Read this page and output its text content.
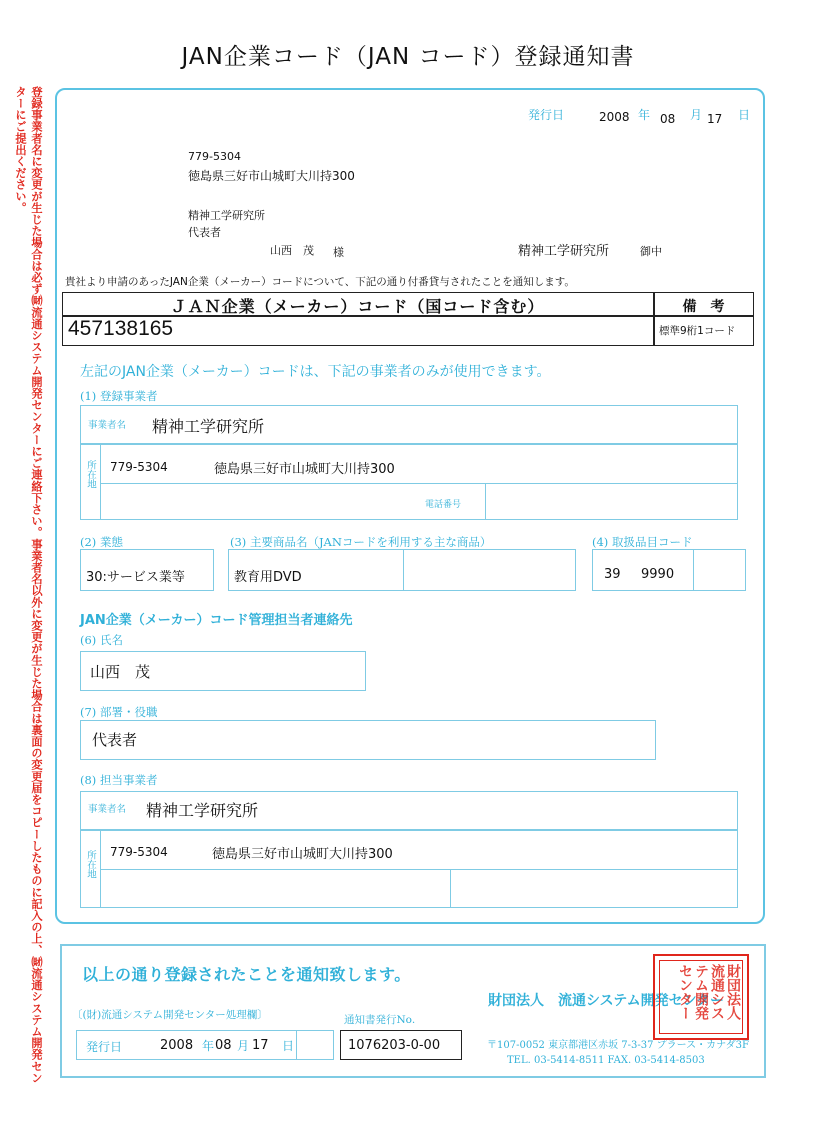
JAN企業コード（JAN コード）登録通知書
登録事業者名に変更が生じた場合は必ず㈶流通システム開発センターにご連絡下さい。事業者名以外に変更が生じた場合は裏面の変更届をコピーしたものに記入の上、㈶流通システム開発センターにご提出ください。	発行日	2008 年 08 月 17 日
779-5304
徳島県三好市山城町大川持300
精神工学研究所
代表者
山西　茂 様	精神工学研究所	御中
貴社より申請のあったJAN企業（メーカー）コードについて、下記の通り付番貸与されたことを通知します。
ＪＡＮ企業（メーカー）コード（国コード含む）	備　考
457138165	標準9桁1コード
左記のJAN企業（メーカー）コードは、下記の事業者のみが使用できます。
(1) 登録事業者
事業者名 精神工学研究所
所在地 779-5304	徳島県三好市山城町大川持300
電話番号
(2) 業態
30:サービス業等
(3) 主要商品名（JANコードを利用する主な商品）
教育用DVD
(4) 取扱品目コード
39 9990
JAN企業（メーカー）コード管理担当者連絡先
(6) 氏名
山西　茂
(7) 部署・役職
代表者
(8) 担当事業者
事業者名 精神工学研究所
所在地 779-5304	徳島県三好市山城町大川持300
以上の通り登録されたことを通知致します。
〔(財)流通システム開発センター処理欄〕
発行日	2008 年 08 月 17 日
通知書発行No.
1076203-0-00
財団法人　流通システム開発センター
〒107-0052 東京都港区赤坂 7-3-37 プラース・カナダ3F
TEL. 03-5414-8511 FAX. 03-5414-8503
財団法人流通システム開発センター
